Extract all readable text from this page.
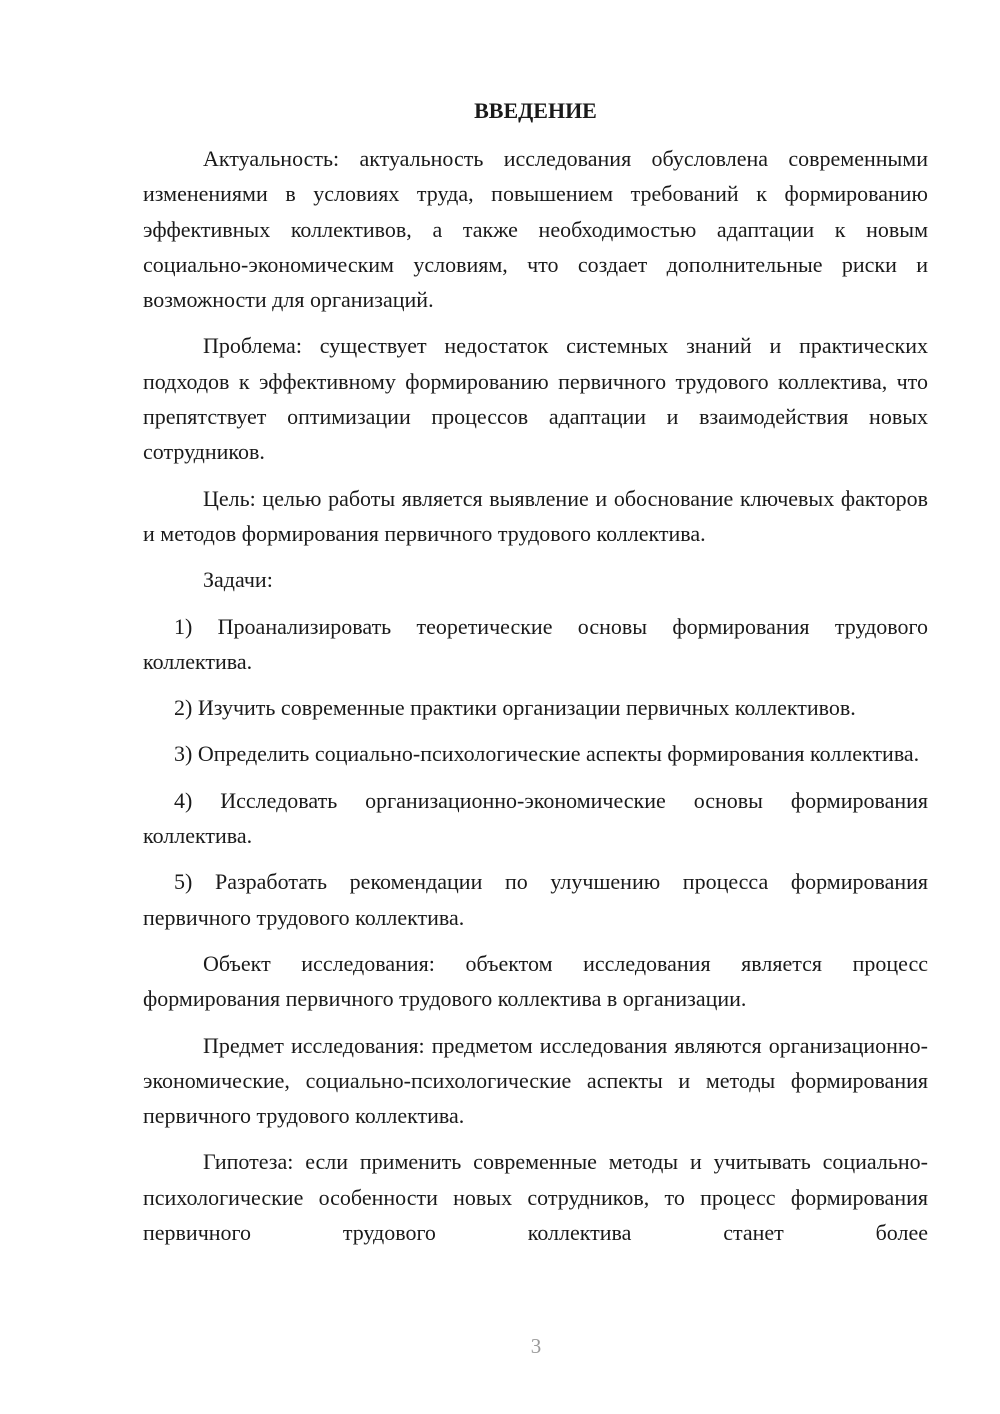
ВВЕДЕНИЕ

Актуальность: актуальность исследования обусловлена современными изменениями в условиях труда, повышением требований к формированию эффективных коллективов, а также необходимостью адаптации к новым социально-экономическим условиям, что создает дополнительные риски и возможности для организаций.

Проблема: существует недостаток системных знаний и практических подходов к эффективному формированию первичного трудового коллектива, что препятствует оптимизации процессов адаптации и взаимодействия новых сотрудников.

Цель: целью работы является выявление и обоснование ключевых факторов и методов формирования первичного трудового коллектива.

Задачи:

1) Проанализировать теоретические основы формирования трудового коллектива.

2) Изучить современные практики организации первичных коллективов.

3) Определить социально-психологические аспекты формирования коллектива.

4) Исследовать организационно-экономические основы формирования коллектива.

5) Разработать рекомендации по улучшению процесса формирования первичного трудового коллектива.

Объект исследования: объектом исследования является процесс формирования первичного трудового коллектива в организации.

Предмет исследования: предметом исследования являются организационно-экономические, социально-психологические аспекты и методы формирования первичного трудового коллектива.

Гипотеза: если применить современные методы и учитывать социально-психологические особенности новых сотрудников, то процесс формирования первичного трудового коллектива станет более

3
